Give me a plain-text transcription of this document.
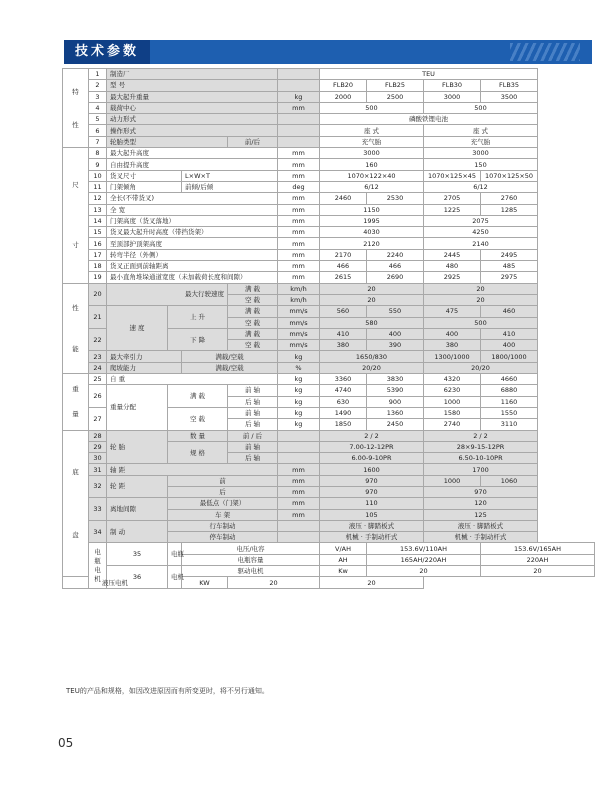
技术参数
特
性	1	制造厂					TEU			
	2	型 号					FLB20	FLB25	FLB30	FLB35
	3	最大起升重量				kg	2000	2500	3000	3500
	4	载荷中心				mm	500		500	
	5	动力形式					磷酸铁锂电池			
	6	操作形式					座 式		座 式	
	7	轮胎类型			前/后		充气胎		充气胎	

尺
寸	8	最大起升高度				mm	3000		3000	
	9	自由提升高度				mm	160		150	
	10	货叉尺寸		L×W×T		mm	1070×122×40		1070×125×45	1070×125×50
	11	门架倾角		前倾/后倾		deg	6/12		6/12	
	12	全长(不带货叉)				mm	2460	2530	2705	2760
	13	全 宽				mm	1150		1225	1285
	14	门架高度（货叉落地）				mm	1995		2075	
	15	货叉最大起升时高度（带挡货架）				mm	4030		4250	
	16	至顶部护顶架高度				mm	2120		2140	
	17	转弯半径（外侧）				mm	2170	2240	2445	2495
	18	货叉正面到前轴距离				mm	466	466	480	485
	19	最小直角堆垛通道宽度（未加载荷长度和间隙）				mm	2615	2690	2925	2975

性
能	20	最大行驶速度			满 载	km/h	20		20	
					空 载	km/h	20		20	
	21	速 度	上 升		满 载	mm/s	560	550	475	460
					空 载	mm/s	580		500	
	22		下 降		满 载	mm/s	410	400	400	410
					空 载	mm/s	380	390	380	400
	23	最大牵引力		满载/空载		kg	1650/830		1300/1000	1800/1000
	24	爬坡能力		满载/空载		%	20/20		20/20	

重
量	25	自 重				kg	3360	3830	4320	4660
	26	重量分配	满 载		前 轴	kg	4740	5390	6230	6880
					后 轴	kg	630	900	1000	1160
	27		空 载		前 轴	kg	1490	1360	1580	1550
					后 轴	kg	1850	2450	2740	3110

底
盘	28	轮 胎	数 量		前 / 后		2 / 2		2 / 2	
	29		规 格		前 轴		7.00-12-12PR		28×9-15-12PR	
	30				后 轴		6.00-9-10PR		6.50-10-10PR	
	31	轴 距				mm	1600		1700	
	32	轮 距	前			mm	970		1000	1060
			后			mm	970		970	
	33	离地间隙	最低点（门架）			mm	110		120	
			车 架			mm	105		125	
	34	制 动	行车制动				液压 · 脚踏板式		液压 · 脚踏板式	
			停车制动				机械 · 手制动杆式		机械 · 手制动杆式	
	电瓶电机	35	电瓶	电压/电容			V/AH	153.6V/110AH		153.6V/165AH
				电瓶容量			AH	165AH/220AH		220AH
		36	电机	驱动电机			Kw	20		20
液压电机				KW	20		20			
TEU的产品和规格，如因改进原因而有所变更时，将不另行通知。
05
